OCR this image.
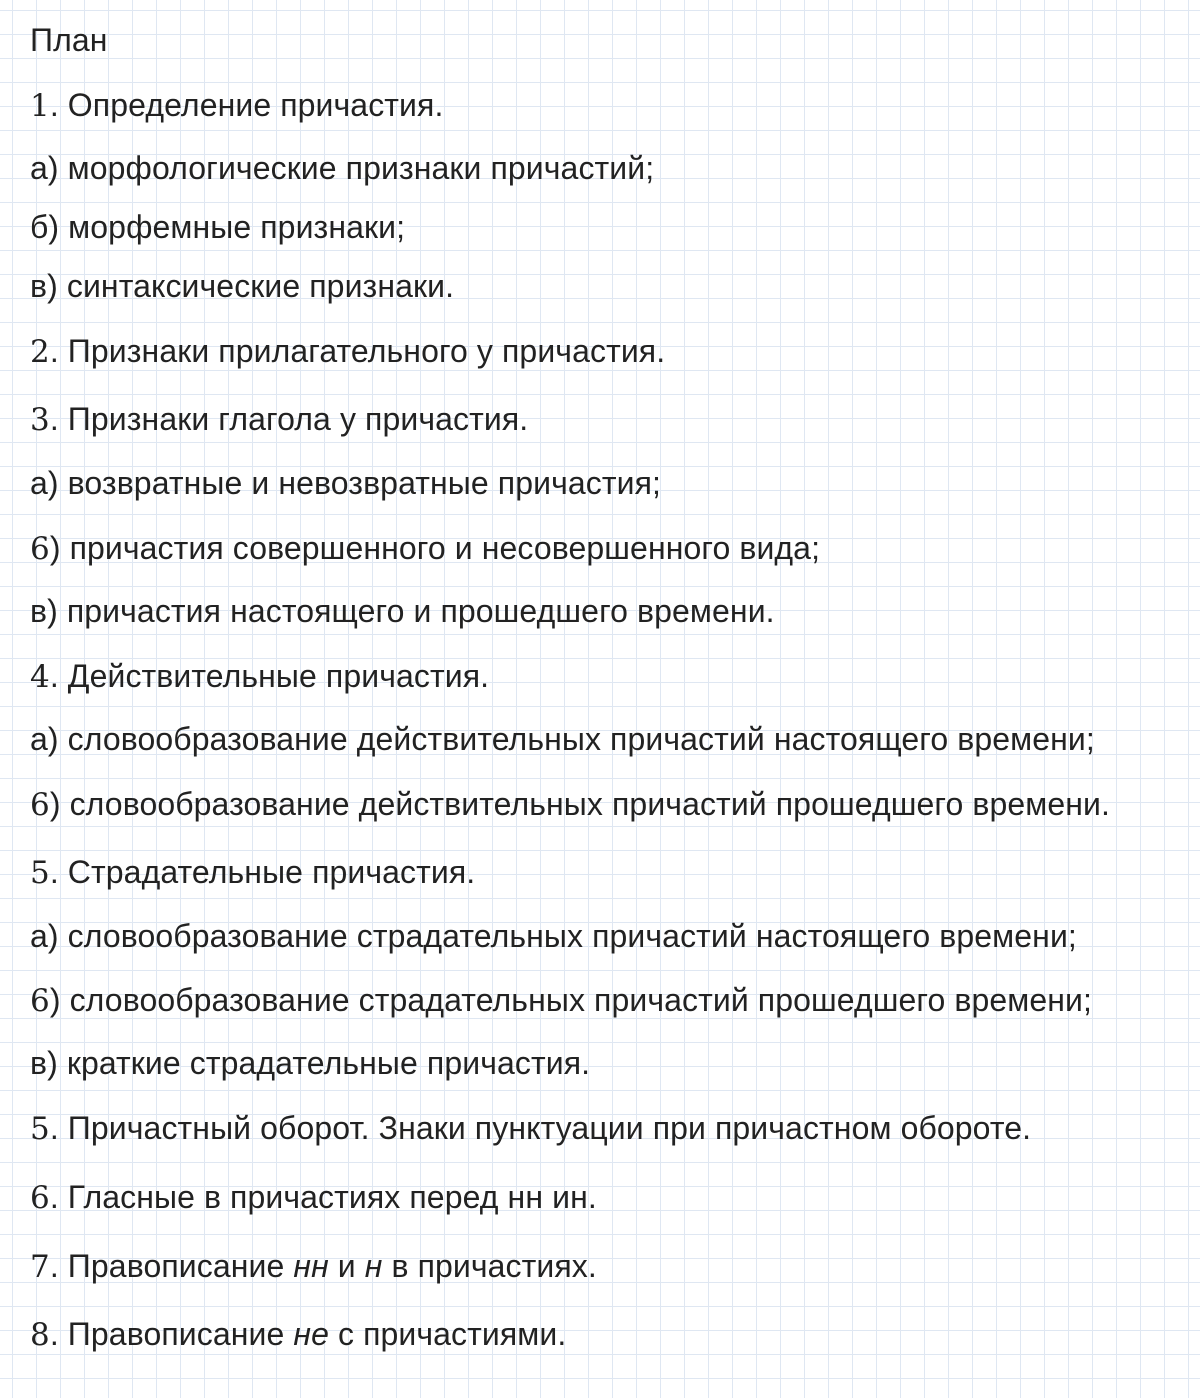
План
1. Определение причастия.
а) морфологические признаки причастий;
б) морфемные признаки;
в) синтаксические признаки.
2. Признаки прилагательного у причастия.
3. Признаки глагола у причастия.
а) возвратные и невозвратные причастия;
6) причастия совершенного и несовершенного вида;
в) причастия настоящего и прошедшего времени.
4. Действительные причастия.
а) словообразование действительных причастий настоящего времени;
6) словообразование действительных причастий прошедшего времени.
5. Страдательные причастия.
а) словообразование страдательных причастий настоящего времени;
6) словообразование страдательных причастий прошедшего времени;
в) краткие страдательные причастия.
5. Причастный оборот. Знаки пунктуации при причастном обороте.
6. Гласные в причастиях перед нн ин.
7. Правописание нн и н в причастиях.
8. Правописание не с причастиями.
